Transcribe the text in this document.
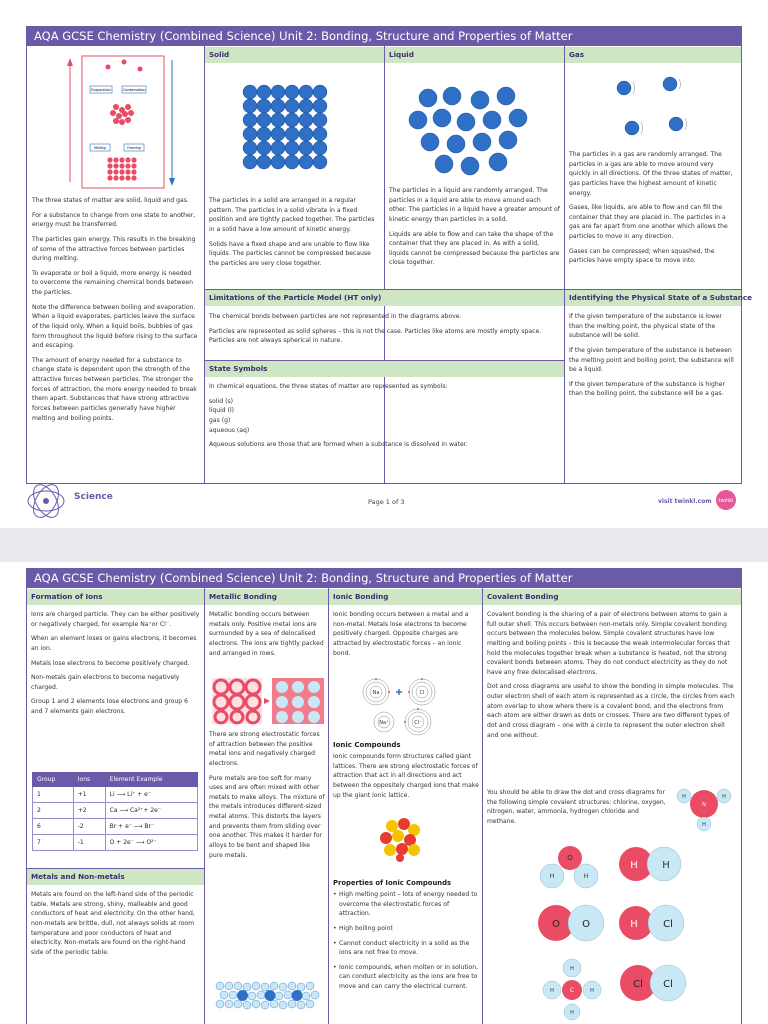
AQA GCSE Chemistry (Combined Science) Unit 2: Bonding, Structure and Properties of Matter
Evaporation	Condensation
Melting	Freezing

The three states of matter are solid, liquid and gas.

For a substance to change from one state to another, energy must be transferred.

The particles gain energy. This results in the breaking of some of the attractive forces between particles during melting.

To evaporate or boil a liquid, more energy is needed to overcome the remaining chemical bonds between the particles.

Note the difference between boiling and evaporation. When a liquid evaporates, particles leave the surface of the liquid only. When a liquid boils, bubbles of gas form throughout the liquid before rising to the surface and escaping.

The amount of energy needed for a substance to change state is dependent upon the strength of the attractive forces between particles. The stronger the forces of attraction, the more energy needed to break them apart. Substances that have strong attractive forces between particles generally have higher melting and boiling points.

Solid

The particles in a solid are arranged in a regular pattern. The particles in a solid vibrate in a fixed position and are tightly packed together. The particles in a solid have a low amount of kinetic energy.

Solids have a fixed shape and are unable to flow like liquids. The particles cannot be compressed because the particles are very close together.

Liquid

The particles in a liquid are randomly arranged. The particles in a liquid are able to move around each other. The particles in a liquid have a greater amount of kinetic energy than particles in a solid.

Liquids are able to flow and can take the shape of the container that they are placed in. As with a solid, liquids cannot be compressed because the particles are close together.

Gas

The particles in a gas are randomly arranged. The particles in a gas are able to move around very quickly in all directions. Of the three states of matter, gas particles have the highest amount of kinetic energy.

Gases, like liquids, are able to flow and can fill the container that they are placed in. The particles in a gas are far apart from one another which allows the particles to move in any direction.

Gases can be compressed; when squashed, the particles have empty space to move into.

Limitations of the Particle Model (HT only)

The chemical bonds between particles are not represented in the diagrams above.

Particles are represented as solid spheres – this is not the case. Particles like atoms are mostly empty space. Particles are not always spherical in nature.

State Symbols

In chemical equations, the three states of matter are represented as symbols:

solid (s)
liquid (l)
gas (g)

aqueous (aq)

Aqueous solutions are those that are formed when a substance is dissolved in water.

Identifying the Physical State of a Substance

If the given temperature of the substance is lower than the melting point, the physical state of the substance will be solid.

If the given temperature of the substance is between the melting point and boiling point, the substance will be a liquid.

If the given temperature of the substance is higher than the boiling point, the substance will be a gas.

Science	Page 1 of 3	visit twinkl.com twinkl
AQA GCSE Chemistry (Combined Science) Unit 2: Bonding, Structure and Properties of Matter
Formation of Ions

Ions are charged particle. They can be either positively or negatively charged, for example Na⁺or Cl⁻.

When an element loses or gains electrons, it becomes an ion.

Metals lose electrons to become positively charged.

Non-metals gain electrons to become negatively charged.

Group 1 and 2 elements lose electrons and group 6 and 7 elements gain electrons.

Group	Ions	Element Example
1	+1	Li ⟶ Li⁺ + e⁻
2	+2	Ca ⟶ Ca²⁺+ 2e⁻
6	-2	Br + e⁻ ⟶ Br⁻
7	-1	O + 2e⁻ ⟶ O²⁻
Metals and Non-metals

Metals are found on the left-hand side of the periodic table. Metals are strong, shiny, malleable and good conductors of heat and electricity. On the other hand, non-metals are brittle, dull, not always solids at room temperature and poor conductors of heat and electricity. Non-metals are found on the right-hand side of the periodic table.

Metallic Bonding

Metallic bonding occurs between metals only. Positive metal ions are surrounded by a sea of delocalised electrons. The ions are tightly packed and arranged in rows.

There are strong electrostatic forces of attraction between the positive metal ions and negatively charged electrons.

Pure metals are too soft for many uses and are often mixed with other metals to make alloys. The mixture of the metals introduces different-sized metal atoms. This distorts the layers and prevents them from sliding over one another. This makes it harder for alloys to be bent and shaped like pure metals.

Ionic Bonding

Ionic bonding occurs between a metal and a non-metal. Metals lose electrons to become positively charged. Opposite charges are attracted by electrostatic forces – an ionic bond.

Na	Cl
Na⁺	Cl⁻
Ionic Compounds

Ionic compounds form structures called giant lattices. There are strong electrostatic forces of attraction that act in all directions and act between the oppositely charged ions that make up the giant ionic lattice.

Properties of Ionic Compounds
• High melting point – lots of energy needed to overcome the electrostatic forces of attraction.
• High boiling point
• Cannot conduct electricity in a solid as the ions are not free to move.
• Ionic compounds, when molten or in solution, can conduct electricity as the ions are free to move and can carry the electrical current.
Covalent Bonding

Covalent bonding is the sharing of a pair of electrons between atoms to gain a full outer shell. This occurs between non-metals only. Simple covalent bonding occurs between the molecules below. Simple covalent structures have low melting and boiling points – this is because the weak intermolecular forces that hold the molecules together break when a substance is heated, not the strong covalent bonds between atoms. They do not conduct electricity as they do not have any free delocalised electrons.

Dot and cross diagrams are useful to show the bonding in simple molecules. The outer electron shell of each atom is represented as a circle, the circles from each atom overlap to show where there is a covalent bond, and the electrons from each atom are either drawn as dots or crosses. There are two different types of dot and cross diagram – one with a circle to represent the outer electron shell and one without.

You should be able to draw the dot and cross diagrams for the following simple covalent structures: chlorine, oxygen, nitrogen, water, ammonia, hydrogen chloride and methane.

N
H	H
H
O
H	H
H H
O O	H	Cl
C
H
H	H
H
Cl Cl
